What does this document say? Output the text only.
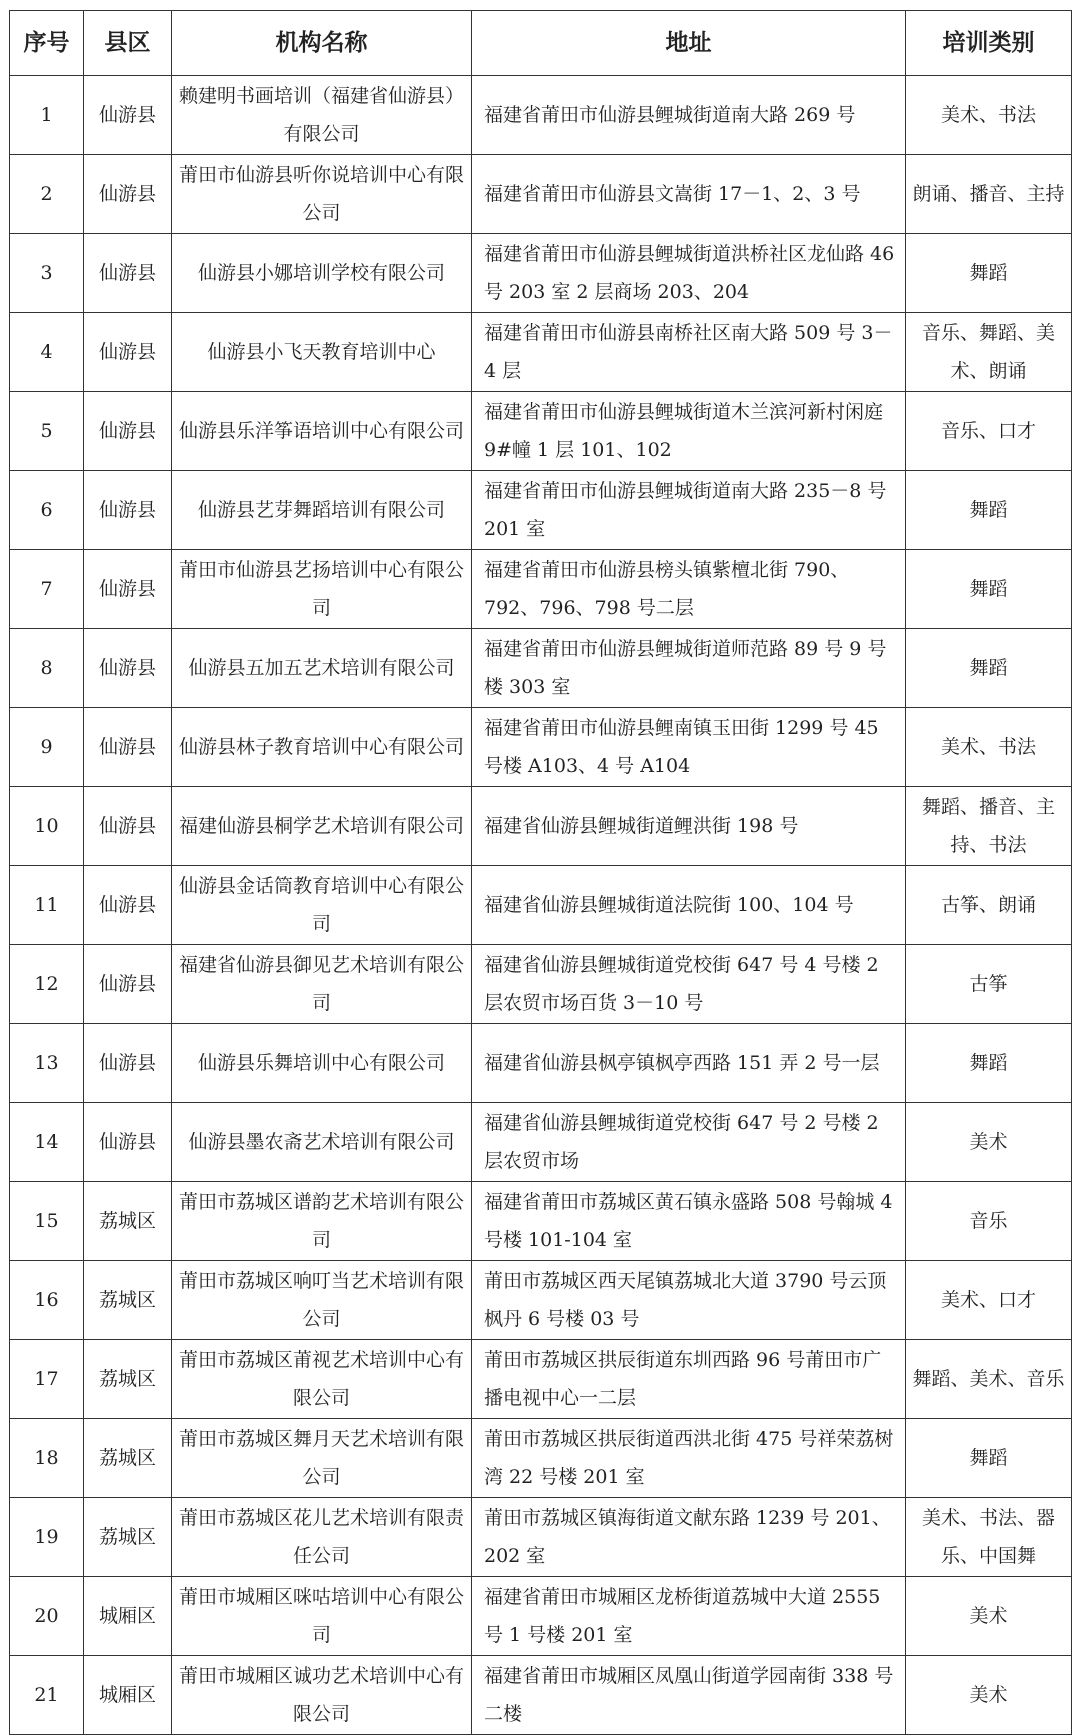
序号	县区	机构名称	地址	培训类别
1	仙游县	赖建明书画培训（福建省仙游县）有限公司	福建省莆田市仙游县鲤城街道南大路 269 号	美术、书法
2	仙游县	莆田市仙游县听你说培训中心有限公司	福建省莆田市仙游县文嵩街 17－1、2、3 号	朗诵、播音、主持
3	仙游县	仙游县小娜培训学校有限公司	福建省莆田市仙游县鲤城街道洪桥社区龙仙路 46 号 203 室 2 层商场 203、204	舞蹈
4	仙游县	仙游县小飞天教育培训中心	福建省莆田市仙游县南桥社区南大路 509 号 3－4 层	音乐、舞蹈、美术、朗诵
5	仙游县	仙游县乐洋筝语培训中心有限公司	福建省莆田市仙游县鲤城街道木兰滨河新村闲庭 9#幢 1 层 101、102	音乐、口才
6	仙游县	仙游县艺芽舞蹈培训有限公司	福建省莆田市仙游县鲤城街道南大路 235－8 号 201 室	舞蹈
7	仙游县	莆田市仙游县艺扬培训中心有限公司	福建省莆田市仙游县榜头镇紫檀北街 790、792、796、798 号二层	舞蹈
8	仙游县	仙游县五加五艺术培训有限公司	福建省莆田市仙游县鲤城街道师范路 89 号 9 号楼 303 室	舞蹈
9	仙游县	仙游县林子教育培训中心有限公司	福建省莆田市仙游县鲤南镇玉田街 1299 号 45 号楼 A103、4 号 A104	美术、书法
10	仙游县	福建仙游县桐学艺术培训有限公司	福建省仙游县鲤城街道鲤洪街 198 号	舞蹈、播音、主持、书法
11	仙游县	仙游县金话筒教育培训中心有限公司	福建省仙游县鲤城街道法院街 100、104 号	古筝、朗诵
12	仙游县	福建省仙游县御见艺术培训有限公司	福建省仙游县鲤城街道党校街 647 号 4 号楼 2 层农贸市场百货 3－10 号	古筝
13	仙游县	仙游县乐舞培训中心有限公司	福建省仙游县枫亭镇枫亭西路 151 弄 2 号一层	舞蹈
14	仙游县	仙游县墨农斋艺术培训有限公司	福建省仙游县鲤城街道党校街 647 号 2 号楼 2 层农贸市场	美术
15	荔城区	莆田市荔城区谱韵艺术培训有限公司	福建省莆田市荔城区黄石镇永盛路 508 号翰城 4 号楼 101-104 室	音乐
16	荔城区	莆田市荔城区响叮当艺术培训有限公司	莆田市荔城区西天尾镇荔城北大道 3790 号云顶枫丹 6 号楼 03 号	美术、口才
17	荔城区	莆田市荔城区莆视艺术培训中心有限公司	莆田市荔城区拱辰街道东圳西路 96 号莆田市广播电视中心一二层	舞蹈、美术、音乐
18	荔城区	莆田市荔城区舞月天艺术培训有限公司	莆田市荔城区拱辰街道西洪北街 475 号祥荣荔树湾 22 号楼 201 室	舞蹈
19	荔城区	莆田市荔城区花儿艺术培训有限责任公司	莆田市荔城区镇海街道文献东路 1239 号 201、202 室	美术、书法、器乐、中国舞
20	城厢区	莆田市城厢区咪咕培训中心有限公司	福建省莆田市城厢区龙桥街道荔城中大道 2555 号 1 号楼 201 室	美术
21	城厢区	莆田市城厢区诚功艺术培训中心有限公司	福建省莆田市城厢区凤凰山街道学园南街 338 号二楼	美术
